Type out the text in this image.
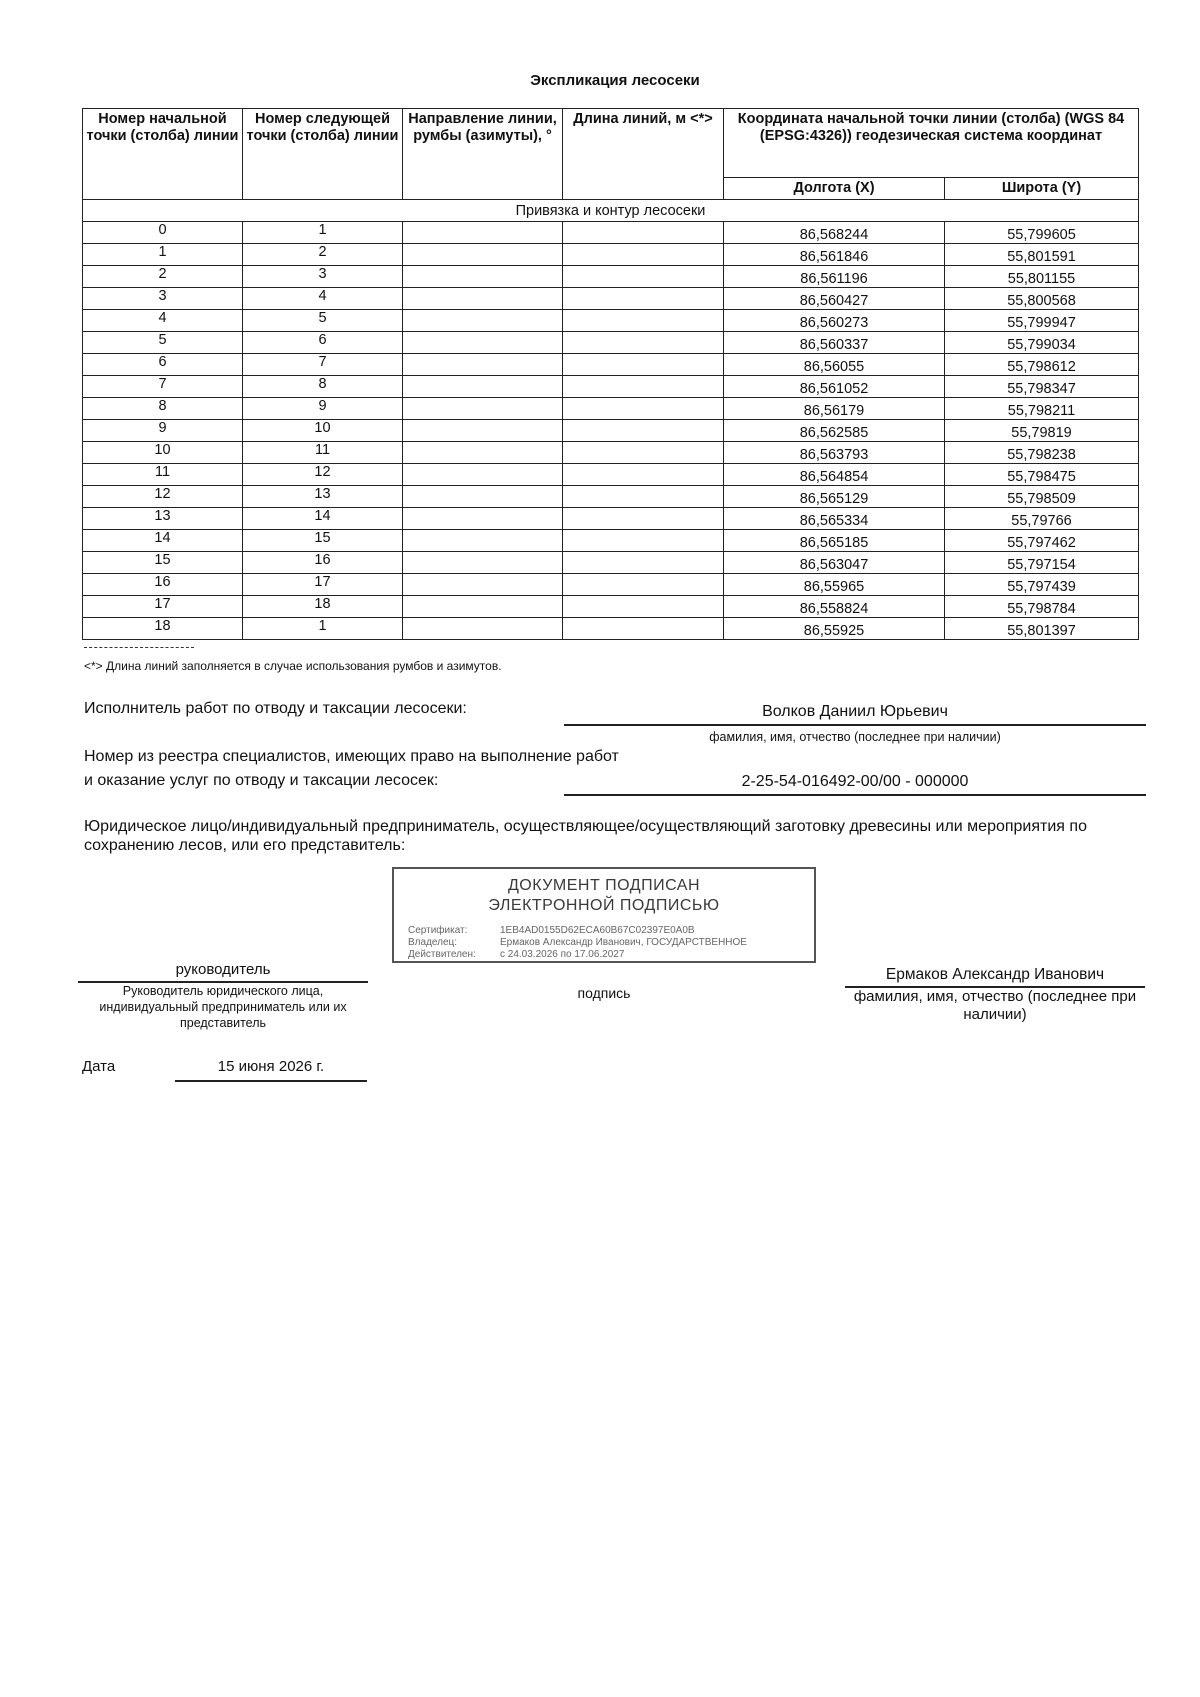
Экспликация лесосеки
Номер начальной точки (столба) линии	Номер следующей точки (столба) линии	Направление линии, румбы (азимуты), °	Длина линий, м <*>	Координата начальной точки линии (столба) (WGS 84 (EPSG:4326)) геодезическая система координат	
				Долгота (X)	Широта (Y)
Привязка и контур лесосеки					
0	1			86,568244	55,799605
1	2			86,561846	55,801591
2	3			86,561196	55,801155
3	4			86,560427	55,800568
4	5			86,560273	55,799947
5	6			86,560337	55,799034
6	7			86,56055	55,798612
7	8			86,561052	55,798347
8	9			86,56179	55,798211
9	10			86,562585	55,79819
10	11			86,563793	55,798238
11	12			86,564854	55,798475
12	13			86,565129	55,798509
13	14			86,565334	55,79766
14	15			86,565185	55,797462
15	16			86,563047	55,797154
16	17			86,55965	55,797439
17	18			86,558824	55,798784
18	1			86,55925	55,801397
<*> Длина линий заполняется в случае использования румбов и азимутов.
Исполнитель работ по отводу и таксации лесосеки:	Волков Даниил Юрьевич
фамилия, имя, отчество (последнее при наличии)
Номер из реестра специалистов, имеющих право на выполнение работ
и оказание услуг по отводу и таксации лесосек:	2-25-54-016492-00/00 - 000000
Юридическое лицо/индивидуальный предприниматель, осуществляющее/осуществляющий заготовку древесины или мероприятия по
сохранению лесов, или его представитель:
ДОКУМЕНТ ПОДПИСАН
ЭЛЕКТРОННОЙ ПОДПИСЬЮ
Сертификат:	1EB4AD0155D62ECA60B67C02397E0A0B
Владелец:	Ермаков Александр Иванович, ГОСУДАРСТВЕННОЕ
Действителен: с 24.03.2026 по 17.06.2027
руководитель
Руководитель юридического лица, индивидуальный предприниматель или их представитель
подпись
Ермаков Александр Иванович
фамилия, имя, отчество (последнее при наличии)
Дата	15 июня 2026 г.
